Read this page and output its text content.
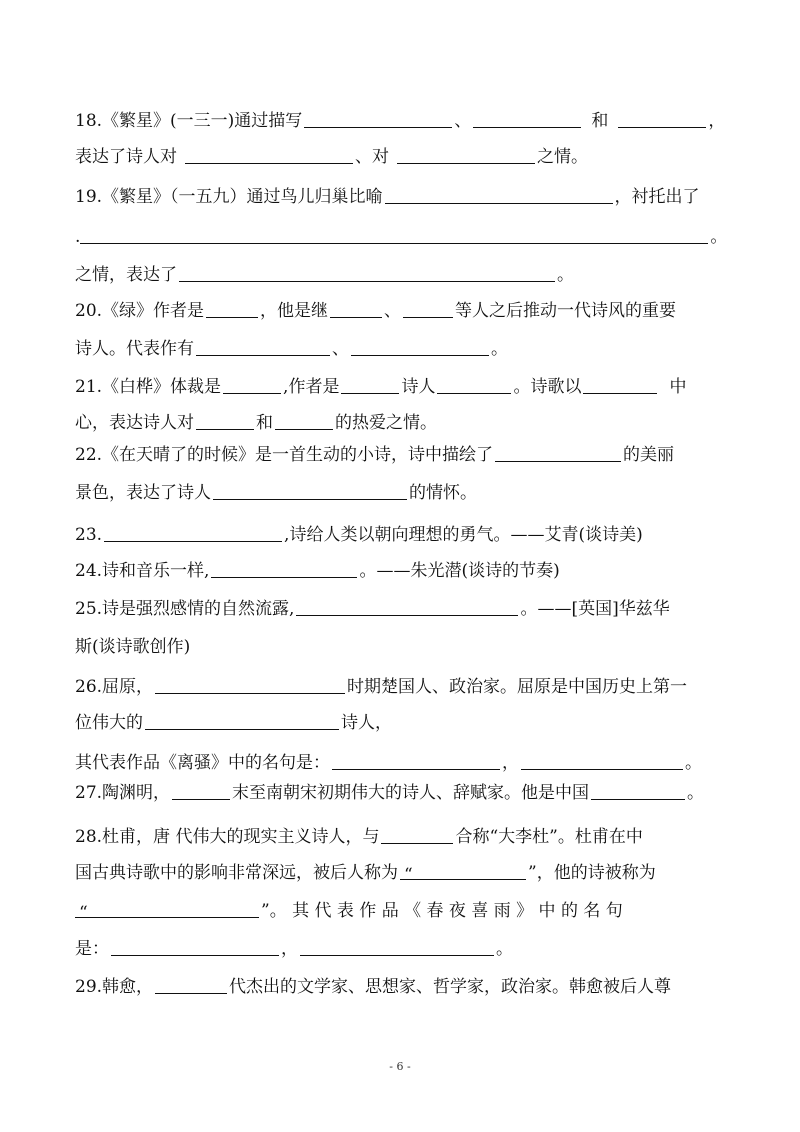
18.《繁星》(一三一)通过描写	、	和	，
表达了诗人对	、对	之情。
19.《繁星》（一五九）通过鸟儿归巢比喻	，衬托出了
.	。
之情，表达了	。
20.《绿》作者是	，他是继	、	等人之后推动一代诗风的重要
诗人。代表作有	、	。
21.《白桦》体裁是	,作者是	诗人	。诗歌以	中
心，表达诗人对	和	的热爱之情。
22.《在天晴了的时候》是一首生动的小诗，诗中描绘了	的美丽
景色，表达了诗人	的情怀。
23.	,诗给人类以朝向理想的勇气。——艾青(谈诗美)
24.诗和音乐一样,	。——朱光潜(谈诗的节奏)
25.诗是强烈感情的自然流露,	。——[英国]华兹华
斯(谈诗歌创作)
26.屈原，	时期楚国人、政治家。屈原是中国历史上第一
位伟大的	诗人，
其代表作品《离骚》中的名句是：	，	。
27.陶渊明，	末至南朝宋初期伟大的诗人、辞赋家。他是中国	。
28.杜甫，唐 代伟大的现实主义诗人，与	合称“大李杜”。杜甫在中
国古典诗歌中的影响非常深远，被后人称为 “	”，他的诗被称为
“	”。 其 代 表 作 品 《 春 夜 喜 雨 》 中 的 名 句
是：	，	。
29.韩愈，	代杰出的文学家、思想家、哲学家，政治家。韩愈被后人尊
- 6 -
